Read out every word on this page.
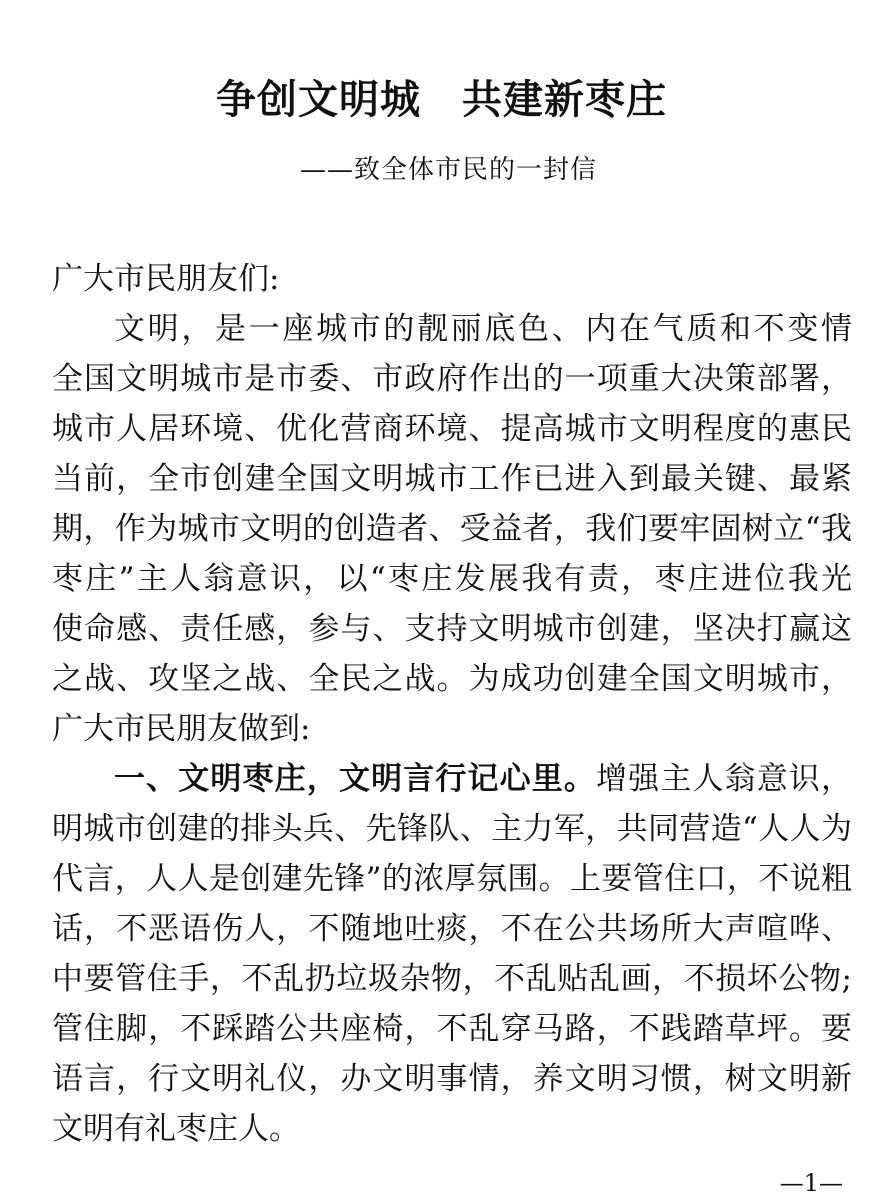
争创文明城　共建新枣庄
——致全体市民的一封信
广大市民朋友们:
文明，是一座城市的靓丽底色、内在气质和不变情
全国文明城市是市委、市政府作出的一项重大决策部署，
城市人居环境、优化营商环境、提高城市文明程度的惠民
当前，全市创建全国文明城市工作已进入到最关键、最紧
期，作为城市文明的创造者、受益者，我们要牢固树立“我
枣庄”主人翁意识，以“枣庄发展我有责，枣庄进位我光
使命感、责任感，参与、支持文明城市创建，坚决打赢这
之战、攻坚之战、全民之战。为成功创建全国文明城市，
广大市民朋友做到:
一、文明枣庄，文明言行记心里。增强主人翁意识，
明城市创建的排头兵、先锋队、主力军，共同营造“人人为
代言，人人是创建先锋”的浓厚氛围。上要管住口，不说粗
话，不恶语伤人，不随地吐痰，不在公共场所大声喧哗、
中要管住手，不乱扔垃圾杂物，不乱贴乱画，不损坏公物;
管住脚，不踩踏公共座椅，不乱穿马路，不践踏草坪。要
语言，行文明礼仪，办文明事情，养文明习惯，树文明新
文明有礼枣庄人。
—1—
